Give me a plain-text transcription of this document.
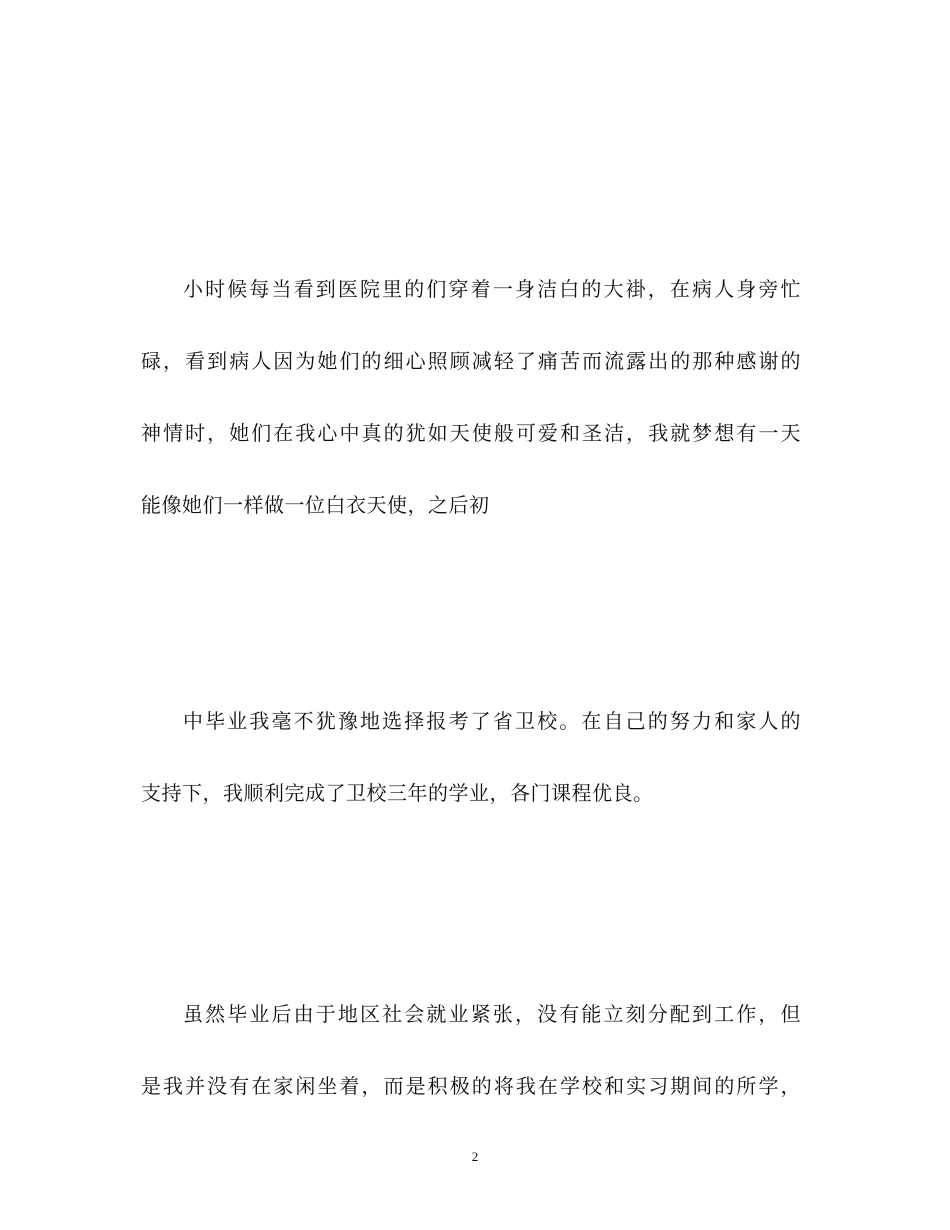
小时候每当看到医院里的们穿着一身洁白的大褂，在病人身旁忙
碌，看到病人因为她们的细心照顾减轻了痛苦而流露出的那种感谢的
神情时，她们在我心中真的犹如天使般可爱和圣洁，我就梦想有一天
能像她们一样做一位白衣天使，之后初
中毕业我毫不犹豫地选择报考了省卫校。在自己的努力和家人的
支持下，我顺利完成了卫校三年的学业，各门课程优良。
虽然毕业后由于地区社会就业紧张，没有能立刻分配到工作，但
是我并没有在家闲坐着，而是积极的将我在学校和实习期间的所学，
2
